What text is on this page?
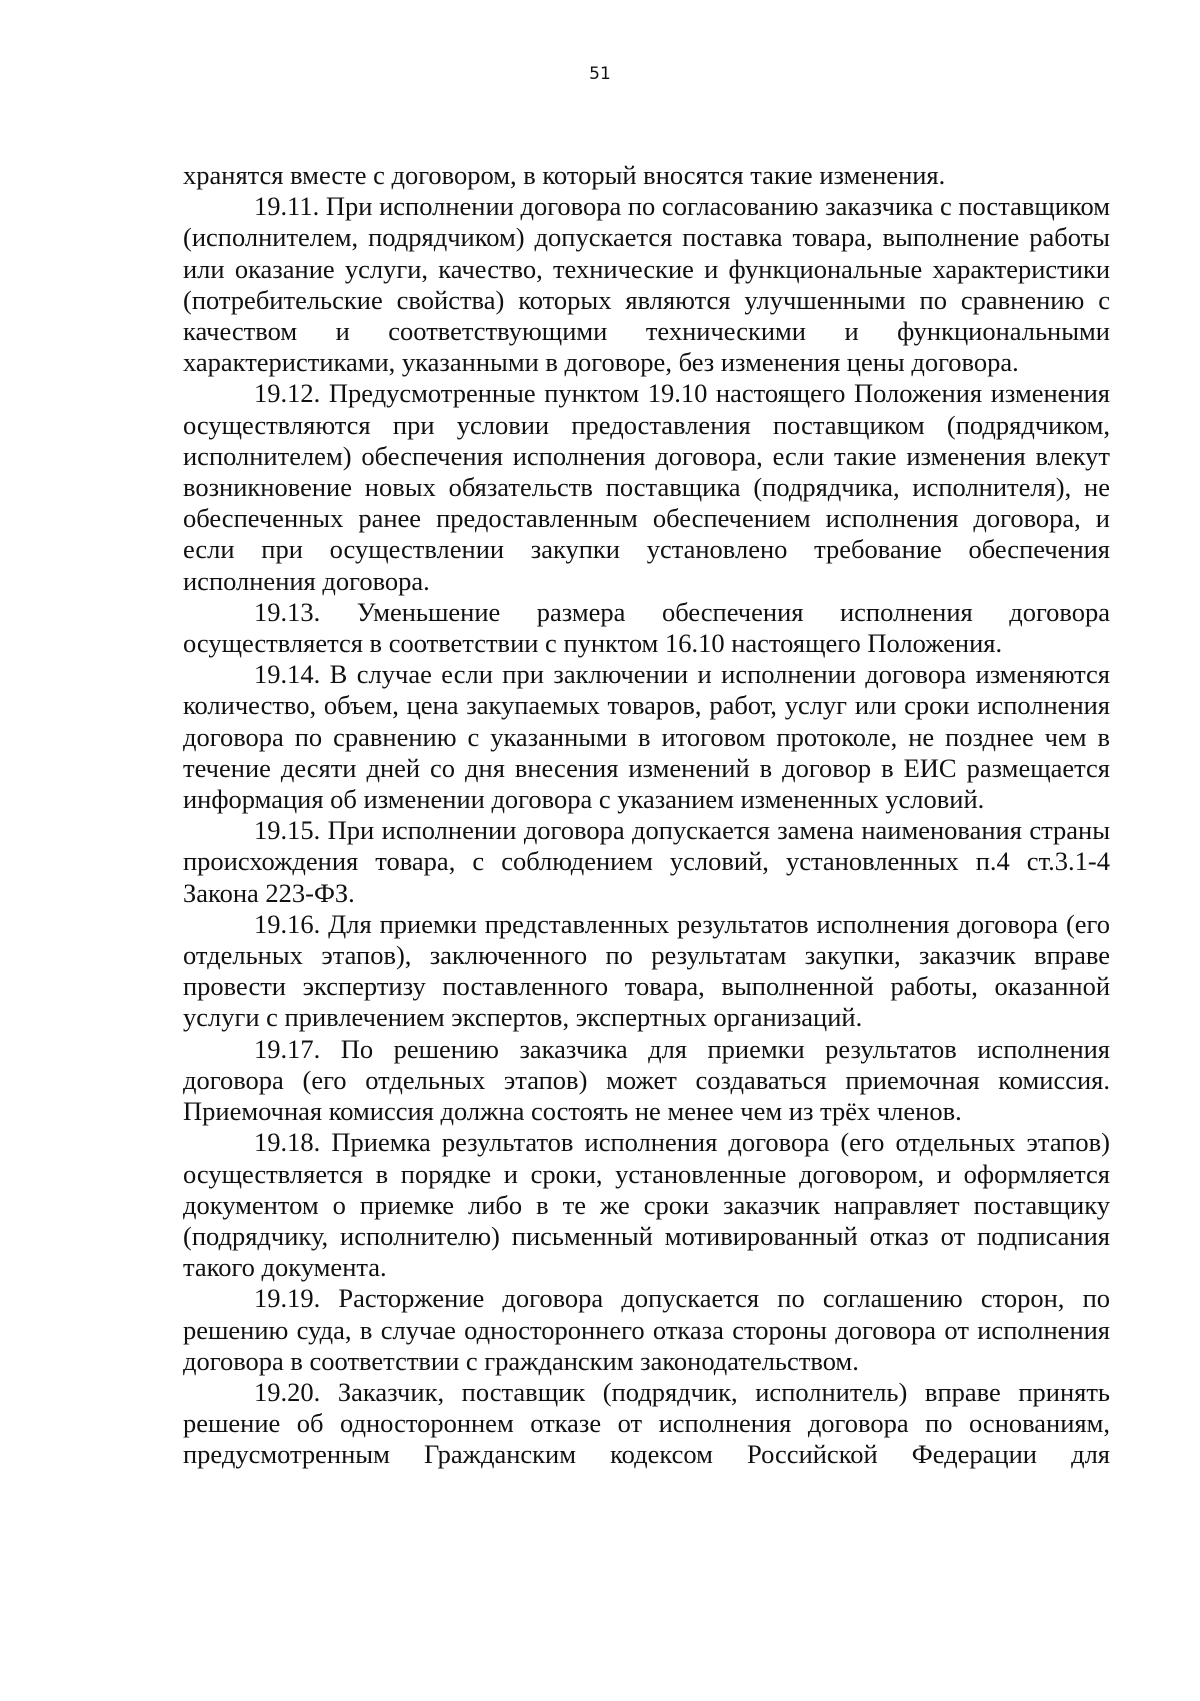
51

хранятся вместе с договором, в который вносятся такие изменения.

19.11. При исполнении договора по согласованию заказчика с поставщиком (исполнителем, подрядчиком) допускается поставка товара, выполнение работы или оказание услуги, качество, технические и функциональные характеристики (потребительские свойства) которых являются улучшенными по сравнению с качеством и соответствующими техническими и функциональными характеристиками, указанными в договоре, без изменения цены договора.

19.12. Предусмотренные пунктом 19.10 настоящего Положения изменения осуществляются при условии предоставления поставщиком (подрядчиком, исполнителем) обеспечения исполнения договора, если такие изменения влекут возникновение новых обязательств поставщика (подрядчика, исполнителя), не обеспеченных ранее предоставленным обеспечением исполнения договора, и если при осуществлении закупки установлено требование обеспечения исполнения договора.

19.13. Уменьшение размера обеспечения исполнения договора осуществляется в соответствии с пунктом 16.10 настоящего Положения.

19.14. В случае если при заключении и исполнении договора изменяются количество, объем, цена закупаемых товаров, работ, услуг или сроки исполнения договора по сравнению с указанными в итоговом протоколе, не позднее чем в течение десяти дней со дня внесения изменений в договор в ЕИС размещается информация об изменении договора с указанием измененных условий.

19.15. При исполнении договора допускается замена наименования страны происхождения товара, с соблюдением условий, установленных п.4 ст.3.1-4 Закона 223-ФЗ.

19.16. Для приемки представленных результатов исполнения договора (его отдельных этапов), заключенного по результатам закупки, заказчик вправе провести экспертизу поставленного товара, выполненной работы, оказанной услуги с привлечением экспертов, экспертных организаций.

19.17. По решению заказчика для приемки результатов исполнения договора (его отдельных этапов) может создаваться приемочная комиссия. Приемочная комиссия должна состоять не менее чем из трёх членов.

19.18. Приемка результатов исполнения договора (его отдельных этапов) осуществляется в порядке и сроки, установленные договором, и оформляется документом о приемке либо в те же сроки заказчик направляет поставщику (подрядчику, исполнителю) письменный мотивированный отказ от подписания такого документа.

19.19. Расторжение договора допускается по соглашению сторон, по решению суда, в случае одностороннего отказа стороны договора от исполнения договора в соответствии с гражданским законодательством.

19.20. Заказчик, поставщик (подрядчик, исполнитель) вправе принять решение об одностороннем отказе от исполнения договора по основаниям, предусмотренным Гражданским кодексом Российской Федерации для
